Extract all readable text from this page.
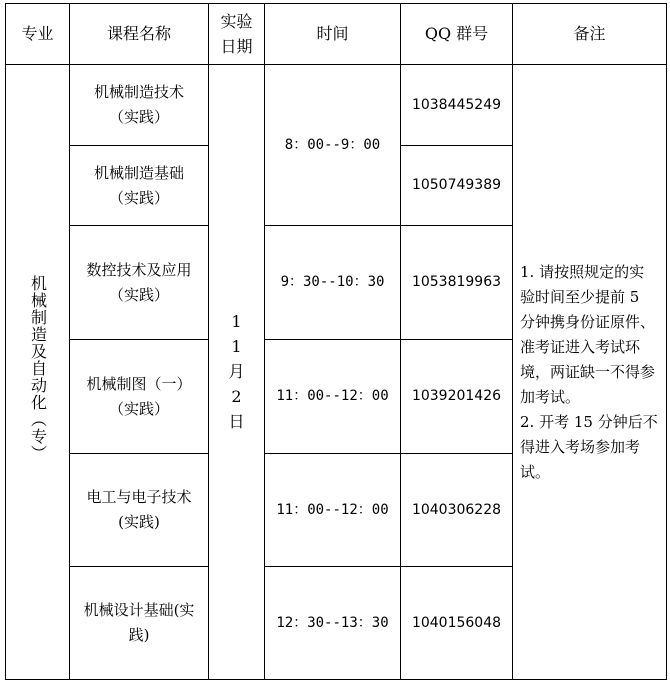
专业	课程名称	实验日期	时间	QQ 群号	备注
机械制造及自动化（专）	机械制造技术（实践）	11月2日	8：00--9：00	1038445249	1. 请按照规定的实验时间至少提前 5 分钟携身份证原件、准考证进入考试环境，两证缺一不得参加考试。
2. 开考 15 分钟后不得进入考场参加考试。

	机械制造基础（实践）			1050749389	
	数控技术及应用（实践）		9：30--10：30	1053819963	
	机械制图（一）（实践）		11：00--12：00	1039201426	
	电工与电子技术(实践)		11：00--12：00	1040306228	
	机械设计基础(实践)		12：30--13：30	1040156048	
